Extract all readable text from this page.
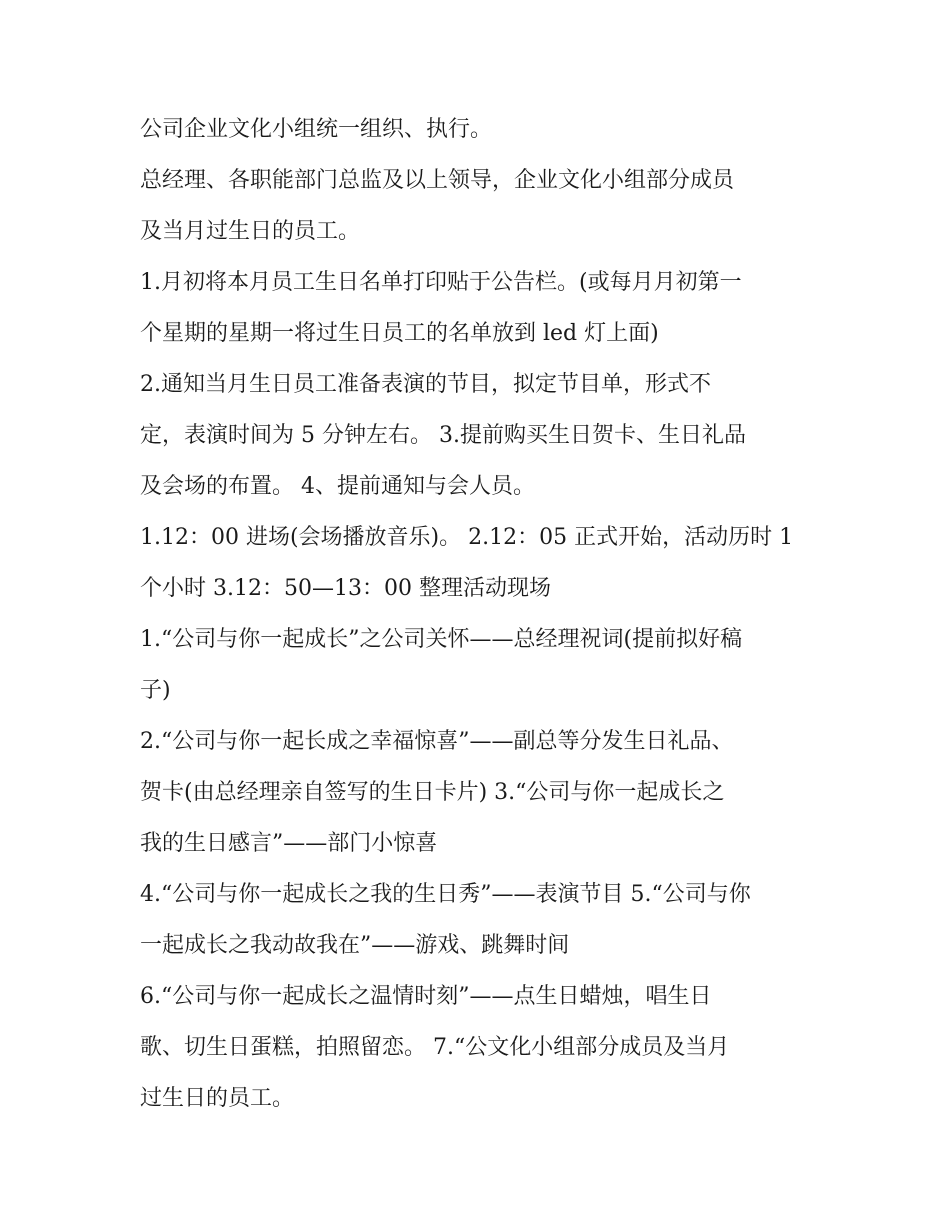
公司企业文化小组统一组织、执行。
总经理、各职能部门总监及以上领导，企业文化小组部分成员
及当月过生日的员工。
1.月初将本月员工生日名单打印贴于公告栏。(或每月月初第一
个星期的星期一将过生日员工的名单放到 led 灯上面)
2.通知当月生日员工准备表演的节目，拟定节目单，形式不
定，表演时间为 5 分钟左右。 3.提前购买生日贺卡、生日礼品
及会场的布置。 4、提前通知与会人员。
1.12：00 进场(会场播放音乐)。 2.12：05 正式开始，活动历时 1
个小时 3.12：50—13：00 整理活动现场
1.“公司与你一起成长”之公司关怀——总经理祝词(提前拟好稿
子)
2.“公司与你一起长成之幸福惊喜”——副总等分发生日礼品、
贺卡(由总经理亲自签写的生日卡片) 3.“公司与你一起成长之
我的生日感言”——部门小惊喜
4.“公司与你一起成长之我的生日秀”——表演节目 5.“公司与你
一起成长之我动故我在”——游戏、跳舞时间
6.“公司与你一起成长之温情时刻”——点生日蜡烛，唱生日
歌、切生日蛋糕，拍照留恋。 7.“公文化小组部分成员及当月
过生日的员工。
